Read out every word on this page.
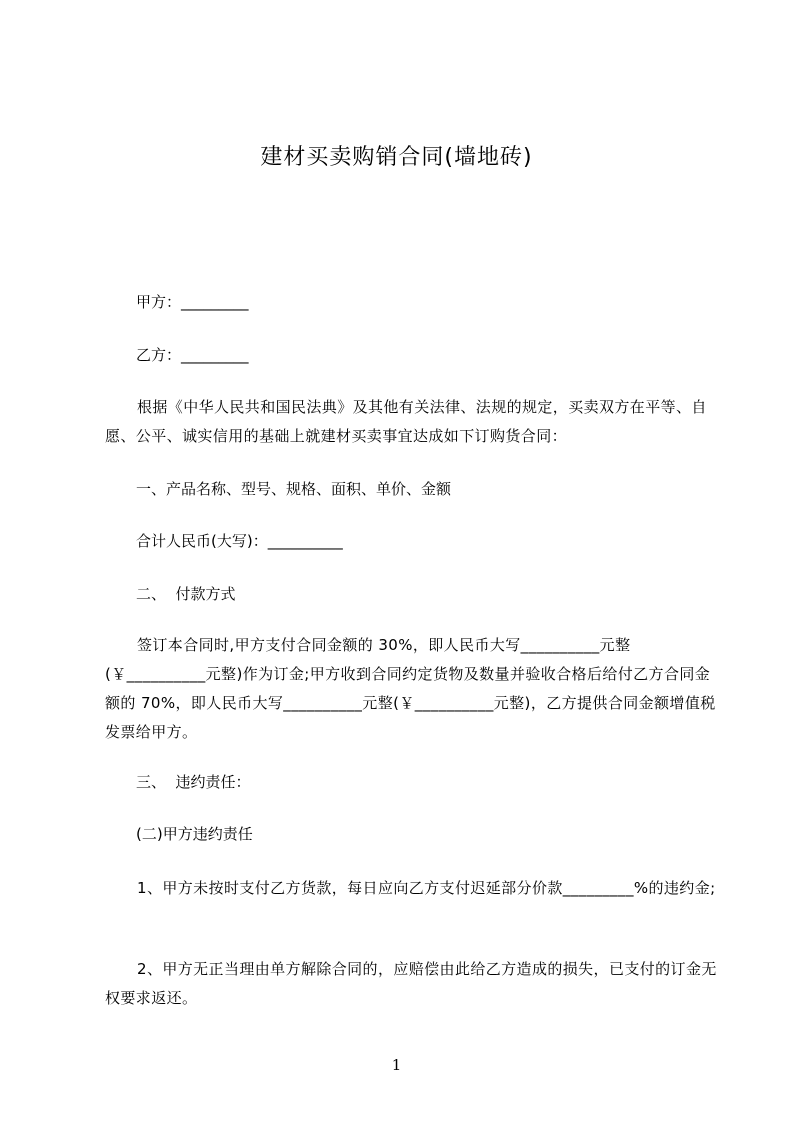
建材买卖购销合同(墙地砖)
甲方：_________
乙方：_________
根据《中华人民共和国民法典》及其他有关法律、法规的规定，买卖双方在平等、自愿、公平、诚实信用的基础上就建材买卖事宜达成如下订购货合同：
一、产品名称、型号、规格、面积、单价、金额
合计人民币(大写)：__________
二、  付款方式
签订本合同时,甲方支付合同金额的 30%，即人民币大写__________元整(￥__________元整)作为订金;甲方收到合同约定货物及数量并验收合格后给付乙方合同金额的 70%，即人民币大写__________元整(￥__________元整)，乙方提供合同金额增值税发票给甲方。
三、  违约责任：
(二)甲方违约责任
1、甲方未按时支付乙方货款，每日应向乙方支付迟延部分价款_________%的违约金;
2、甲方无正当理由单方解除合同的，应赔偿由此给乙方造成的损失，已支付的订金无权要求返还。
1
